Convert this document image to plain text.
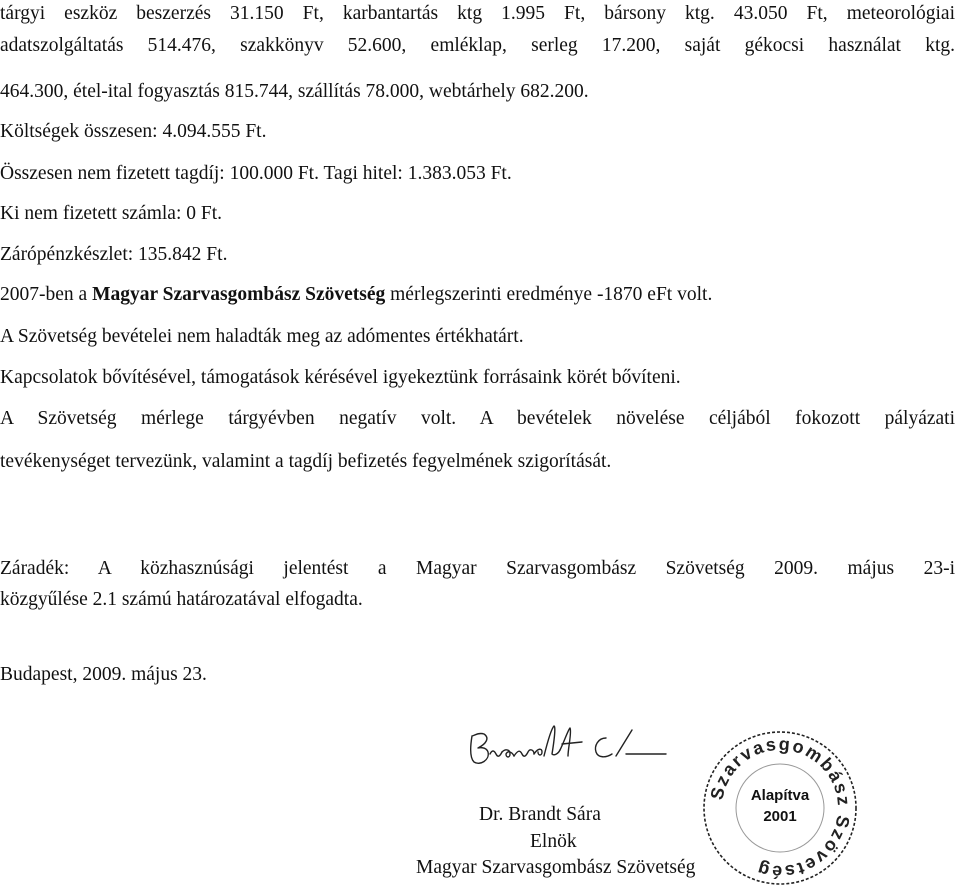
tárgyi eszköz beszerzés 31.150 Ft, karbantartás ktg 1.995 Ft, bársony ktg. 43.050 Ft, meteorológiai
adatszolgáltatás 514.476, szakkönyv 52.600, emléklap, serleg 17.200, saját gékocsi használat ktg.
464.300, étel-ital fogyasztás 815.744, szállítás 78.000, webtárhely 682.200.
Költségek összesen: 4.094.555 Ft.
Összesen nem fizetett tagdíj: 100.000 Ft. Tagi hitel: 1.383.053 Ft.
Ki nem fizetett számla: 0 Ft.
Zárópénzkészlet: 135.842 Ft.
2007-ben a Magyar Szarvasgombász Szövetség mérlegszerinti eredménye -1870 eFt volt.
A Szövetség bevételei nem haladták meg az adómentes értékhatárt.
Kapcsolatok bővítésével, támogatások kérésével igyekeztünk forrásaink körét bővíteni.
A Szövetség mérlege tárgyévben negatív volt. A bevételek növelése céljából fokozott pályázati
tevékenységet tervezünk, valamint a tagdíj befizetés fegyelmének szigorítását.
Záradék: A közhasznúsági jelentést a Magyar Szarvasgombász Szövetség 2009. május 23-i
közgyűlése 2.1 számú határozatával elfogadta.
Budapest, 2009. május 23.
Dr. Brandt Sára
Elnök
Magyar Szarvasgombász Szövetség
Szarvasgombász Szövetség
Alapítva
2001
